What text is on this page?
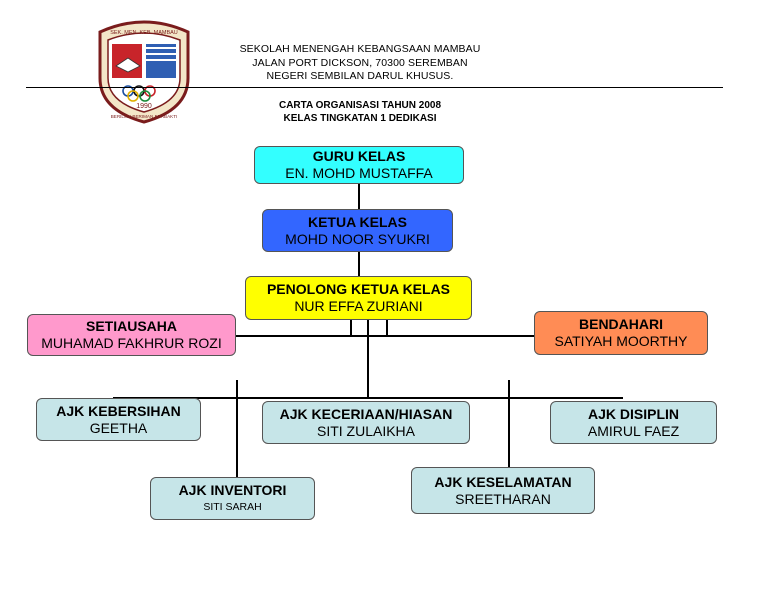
SEK. MEN. KEB. MAMBAU
1990
BERILMU BERIMAN BERBAKTI
SEKOLAH MENENGAH KEBANGSAAN MAMBAU
JALAN PORT DICKSON, 70300 SEREMBAN
NEGERI SEMBILAN DARUL KHUSUS.
CARTA ORGANISASI TAHUN 2008
KELAS TINGKATAN 1 DEDIKASI
GURU KELAS
EN. MOHD MUSTAFFA
KETUA KELAS
MOHD NOOR SYUKRI
PENOLONG KETUA KELAS
NUR EFFA ZURIANI
SETIAUSAHA
MUHAMAD FAKHRUR ROZI
BENDAHARI
SATIYAH MOORTHY
AJK KEBERSIHAN
GEETHA
AJK KECERIAAN/HIASAN
SITI ZULAIKHA
AJK DISIPLIN
AMIRUL FAEZ
AJK INVENTORI
SITI SARAH
AJK KESELAMATAN
SREETHARAN
